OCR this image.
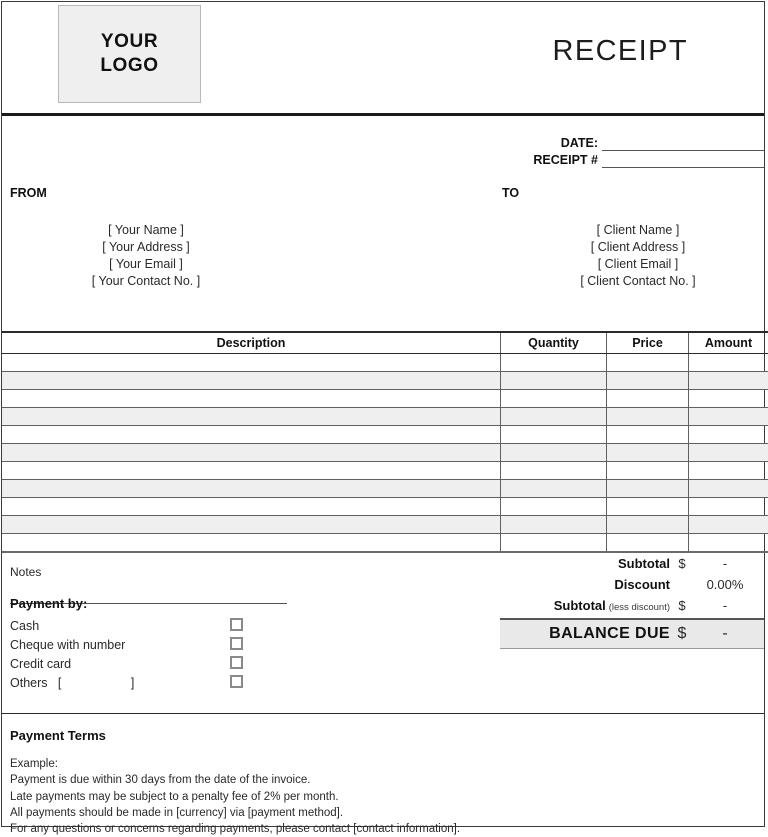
YOUR
LOGO	RECEIPT
DATE:
RECEIPT #
FROM
[ Your Name ]
[ Your Address ]
[ Your Email ]
[ Your Contact No. ]
TO
[ Client Name ]
[ Client Address ]
[ Client Email ]
[ Client Contact No. ]
Description	Quantity	Price	Amount

Notes
Payment by:
Cash
Cheque with number
Credit card
Others   [                    ]
Subtotal $	-
Discount	0.00%
Subtotal (less discount) $	-
BALANCE DUE $	-
Payment Terms
Example:
Payment is due within 30 days from the date of the invoice.
Late payments may be subject to a penalty fee of 2% per month.
All payments should be made in [currency] via [payment method].
For any questions or concerns regarding payments, please contact [contact information].
